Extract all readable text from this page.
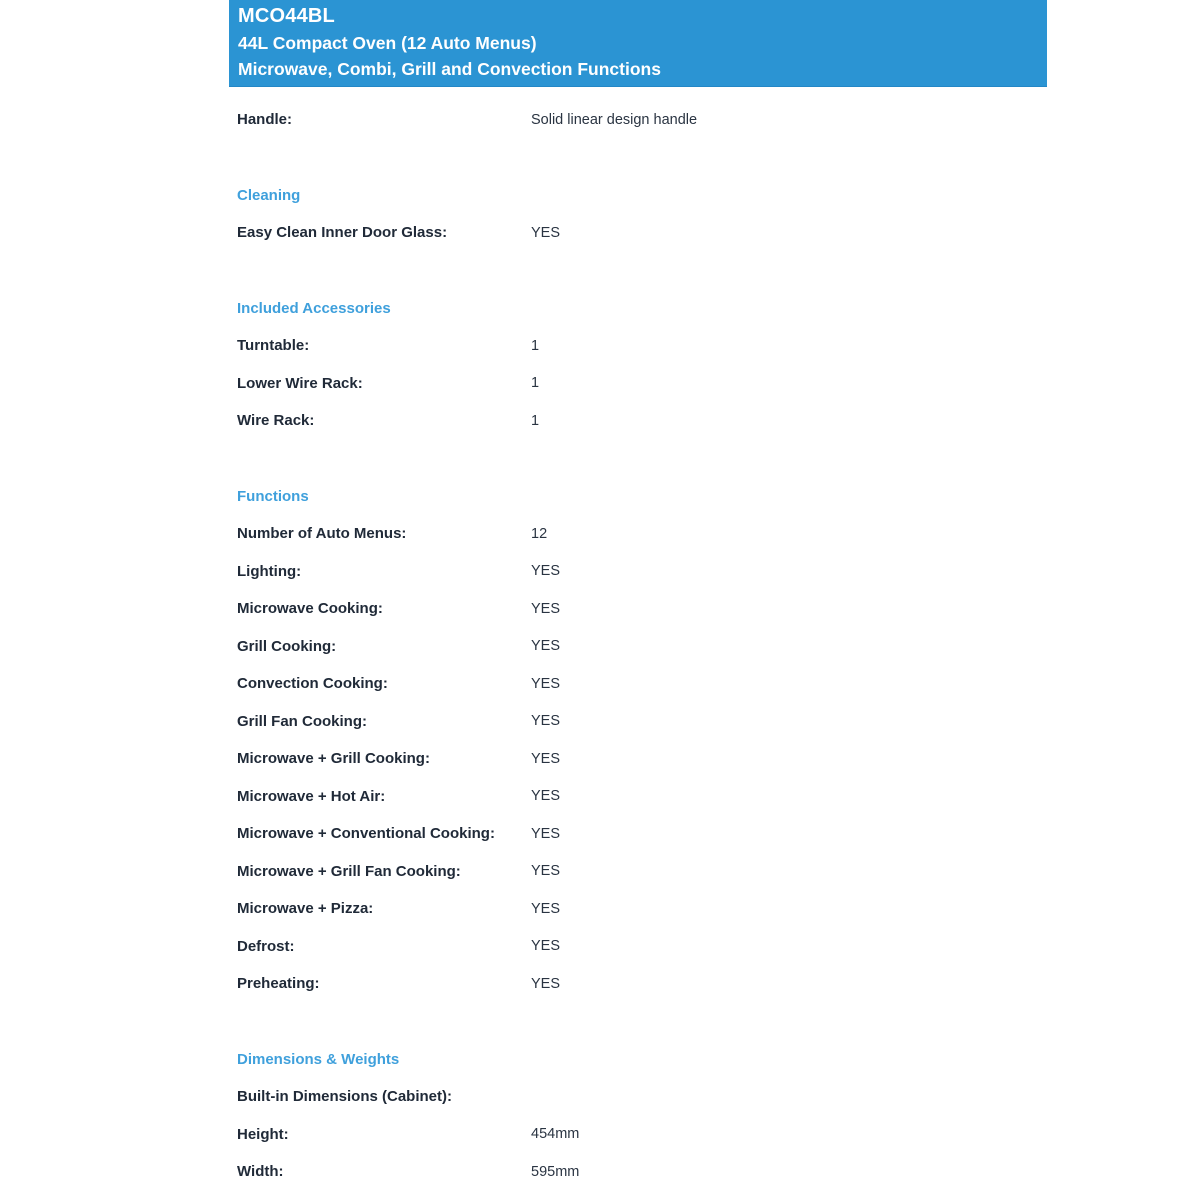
MCO44BL
44L Compact Oven (12 Auto Menus)
Microwave, Combi, Grill and Convection Functions
Handle:	Solid linear design handle
Cleaning
Easy Clean Inner Door Glass:	YES
Included Accessories
Turntable:	1
Lower Wire Rack:	1
Wire Rack:	1
Functions
Number of Auto Menus:	12
Lighting:	YES
Microwave Cooking:	YES
Grill Cooking:	YES
Convection Cooking:	YES
Grill Fan Cooking:	YES
Microwave + Grill Cooking:	YES
Microwave + Hot Air:	YES
Microwave + Conventional Cooking:	YES
Microwave + Grill Fan Cooking:	YES
Microwave + Pizza:	YES
Defrost:	YES
Preheating:	YES
Dimensions & Weights
Built-in Dimensions (Cabinet):
Height:	454mm
Width:	595mm
